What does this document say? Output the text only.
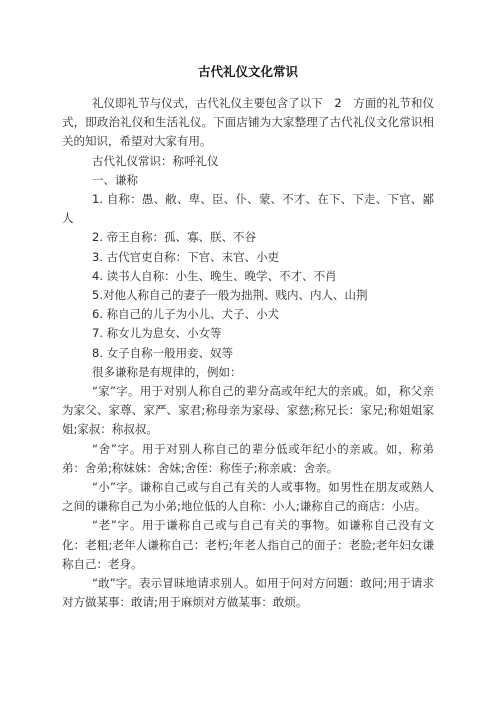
古代礼仪文化常识

礼仪即礼节与仪式，古代礼仪主要包含了以下　2　方面的礼节和仪式，即政治礼仪和生活礼仪。下面店铺为大家整理了古代礼仪文化常识相关的知识，希望对大家有用。

古代礼仪常识：称呼礼仪

一、谦称

1. 自称：愚、敝、卑、臣、仆、蒙、不才、在下、下走、下官、鄙人

2. 帝王自称：孤、寡、朕、不谷

3. 古代官吏自称：下官、末官、小吏

4. 读书人自称：小生、晚生、晚学、不才、不肖

5.对他人称自己的妻子一般为拙荆、贱内、内人、山荆

6. 称自己的儿子为小儿、犬子、小犬

7. 称女儿为息女、小女等

8. 女子自称一般用妾、奴等

很多谦称是有规律的，例如：

“家”字。用于对别人称自己的辈分高或年纪大的亲戚。如，称父亲为家父、家尊、家严、家君;称母亲为家母、家慈;称兄长：家兄;称姐姐家姐;家叔：称叔叔。

“舍”字。用于对别人称自己的辈分低或年纪小的亲戚。如，称弟弟：舍弟;称妹妹：舍妹;舍侄：称侄子;称亲戚：舍亲。

“小”字。谦称自己或与自己有关的人或事物。如男性在朋友或熟人之间的谦称自己为小弟;地位低的人自称：小人;谦称自己的商店：小店。

“老”字。用于谦称自己或与自己有关的事物。如谦称自己没有文化：老粗;老年人谦称自己：老朽;年老人指自己的面子：老脸;老年妇女谦称自己：老身。

“敢”字。表示冒昧地请求别人。如用于问对方问题：敢问;用于请求对方做某事：敢请;用于麻烦对方做某事：敢烦。
